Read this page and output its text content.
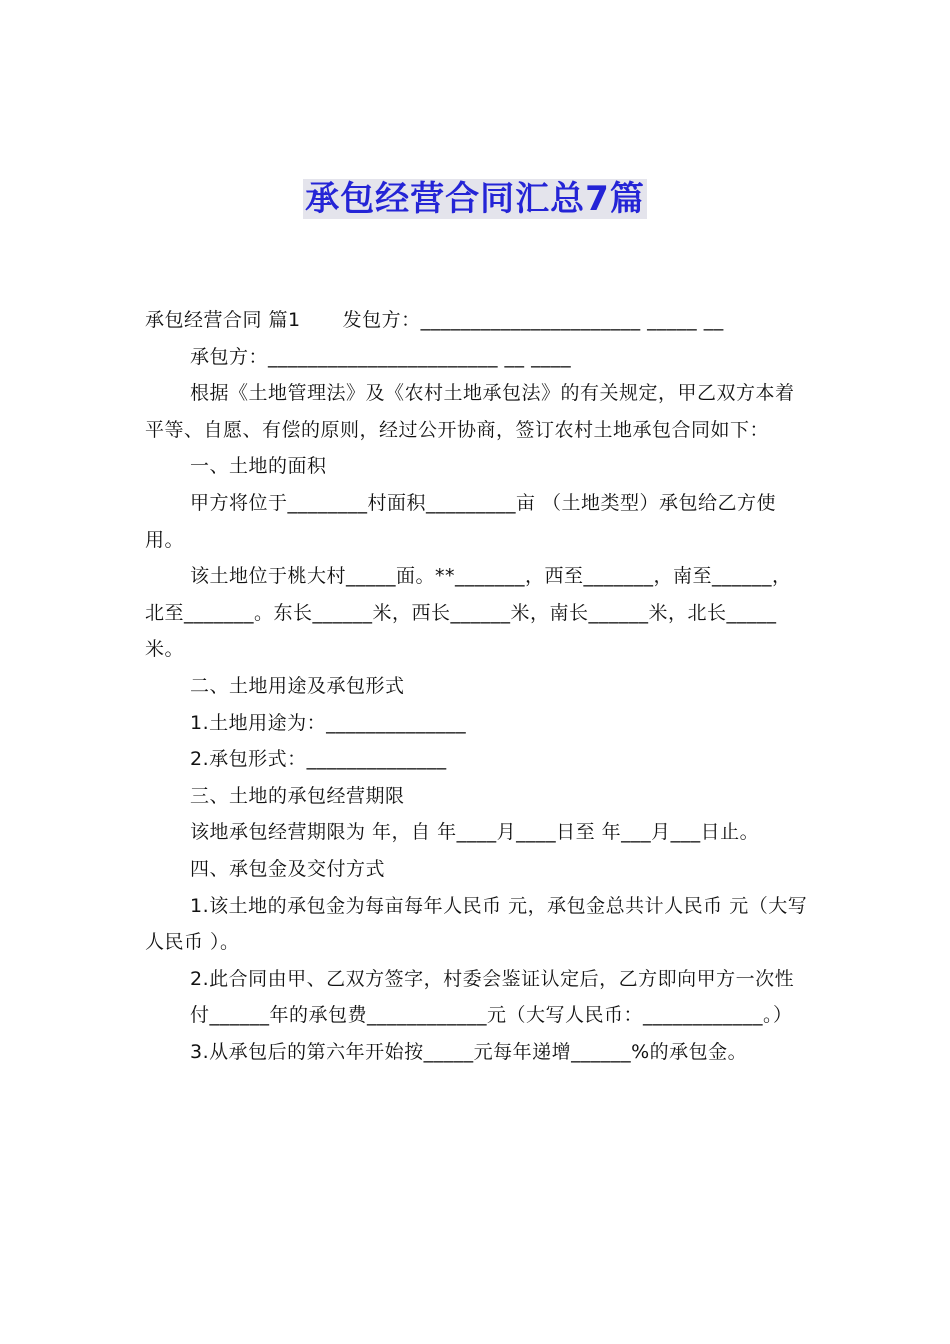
承包经营合同汇总7篇

承包经营合同 篇1 发包方：______________________ _____ __

承包方：_______________________ __ ____

根据《土地管理法》及《农村土地承包法》的有关规定，甲乙双方本着平等、自愿、有偿的原则，经过公开协商，签订农村土地承包合同如下：

一、土地的面积

甲方将位于________村面积_________亩 （土地类型）承包给乙方使用。

该土地位于桃大村_____面。**_______，西至_______，南至______，北至_______。东长______米，西长______米，南长______米，北长_____米。

二、土地用途及承包形式

1.土地用途为：______________

2.承包形式：______________

三、土地的承包经营期限

该地承包经营期限为 年，自 年____月____日至 年___月___日止。

四、承包金及交付方式

1.该土地的承包金为每亩每年人民币 元，承包金总共计人民币 元（大写人民币 ）。

2.此合同由甲、乙双方签字，村委会鉴证认定后，乙方即向甲方一次性

付______年的承包费____________元（大写人民币：____________。）

3.从承包后的第六年开始按_____元每年递增______%的承包金。
